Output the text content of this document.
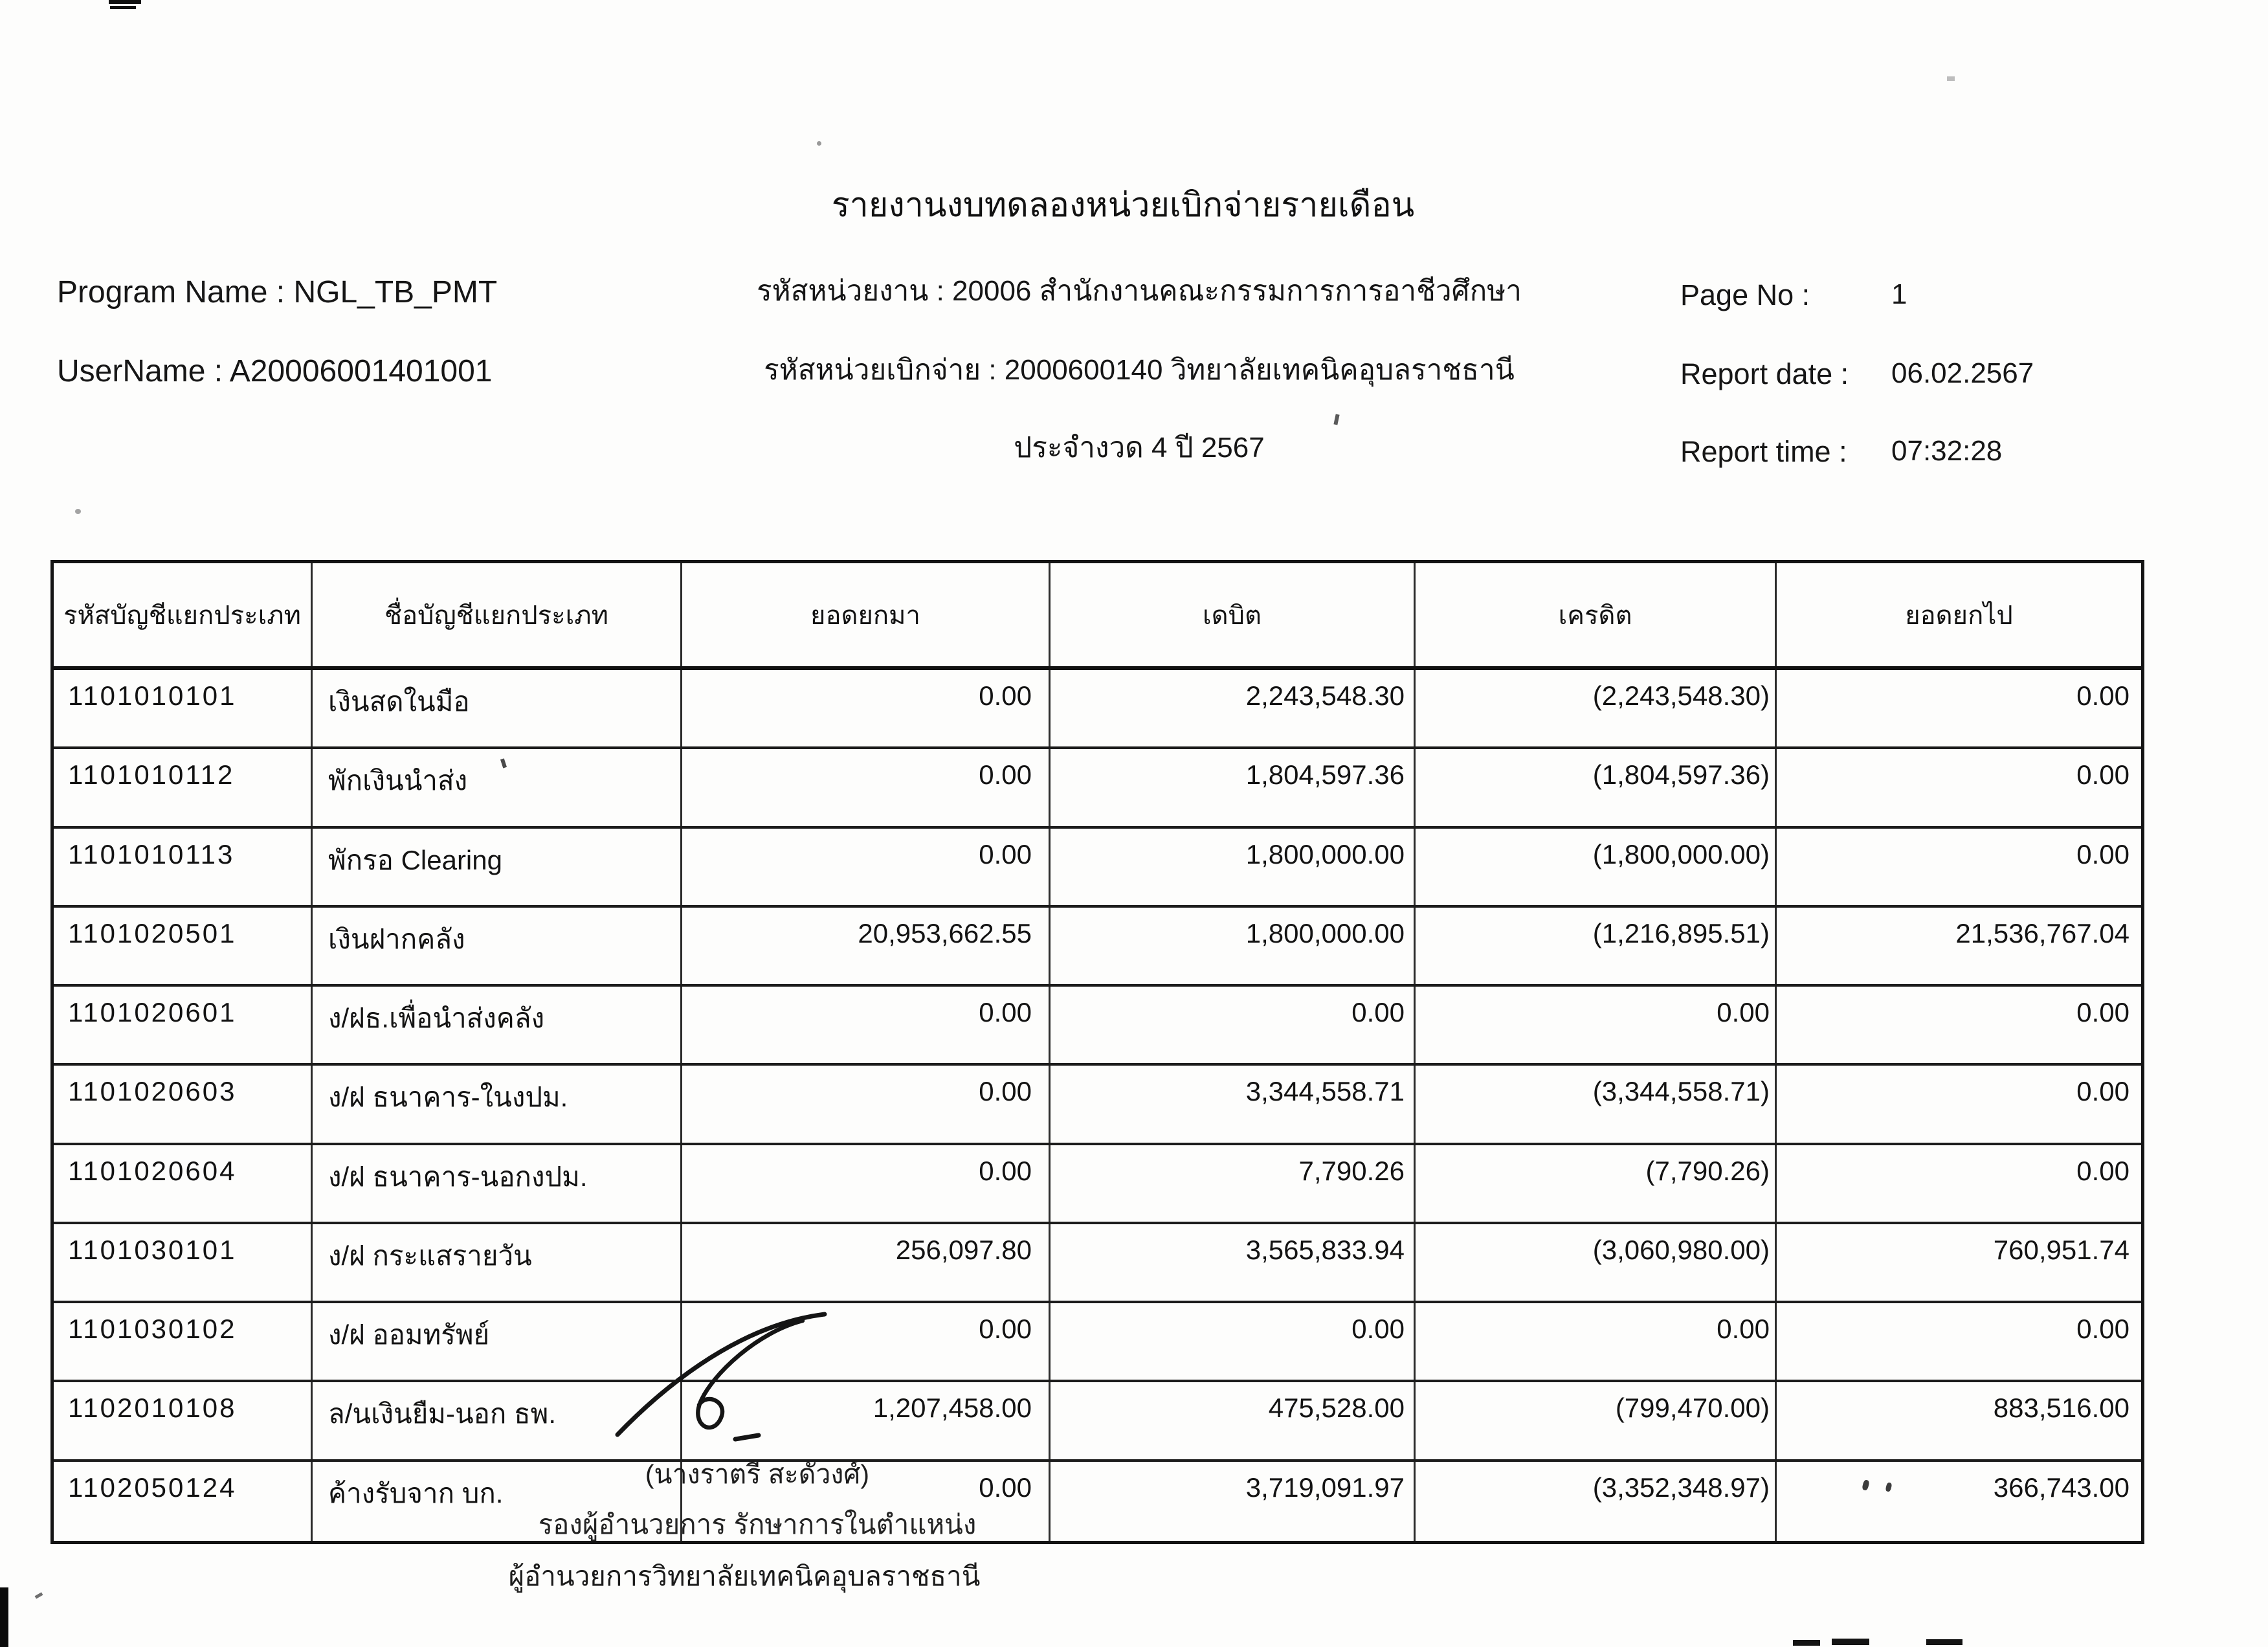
รายงานงบทดลองหน่วยเบิกจ่ายรายเดือน
Program Name : NGL_TB_PMT
UserName : A20006001401001
รหัสหน่วยงาน : 20006 สำนักงานคณะกรรมการการอาชีวศึกษา
รหัสหน่วยเบิกจ่าย : 2000600140 วิทยาลัยเทคนิคอุบลราชธานี
ประจำงวด 4 ปี 2567
Page No :	1
Report date : 06.02.2567
Report time : 07:32:28
รหัสบัญชีแยกประเภท	ชื่อบัญชีแยกประเภท	ยอดยกมา	เดบิต	เครดิต	ยอดยกไป
1101010101	เงินสดในมือ	0.00	2,243,548.30	(2,243,548.30)	0.00
1101010112	พักเงินนำส่ง	0.00	1,804,597.36	(1,804,597.36)	0.00
1101010113	พักรอ Clearing	0.00	1,800,000.00	(1,800,000.00)	0.00
1101020501	เงินฝากคลัง	20,953,662.55	1,800,000.00	(1,216,895.51)	21,536,767.04
1101020601	ง/ฝธ.เพื่อนำส่งคลัง	0.00	0.00	0.00	0.00
1101020603	ง/ฝ ธนาคาร-ในงปม.	0.00	3,344,558.71	(3,344,558.71)	0.00
1101020604	ง/ฝ ธนาคาร-นอกงปม.	0.00	7,790.26	(7,790.26)	0.00
1101030101	ง/ฝ กระแสรายวัน	256,097.80	3,565,833.94	(3,060,980.00)	760,951.74
1101030102	ง/ฝ ออมทรัพย์	0.00	0.00	0.00	0.00
1102010108	ล/นเงินยืม-นอก ธพ.	1,207,458.00	475,528.00	(799,470.00)	883,516.00
1102050124	ค้างรับจาก บก.	0.00	3,719,091.97	(3,352,348.97)	366,743.00
(นางราตรี สะดัวงศ์)
รองผู้อำนวยการ รักษาการในตำแหน่ง
ผู้อำนวยการวิทยาลัยเทคนิคอุบลราชธานี
